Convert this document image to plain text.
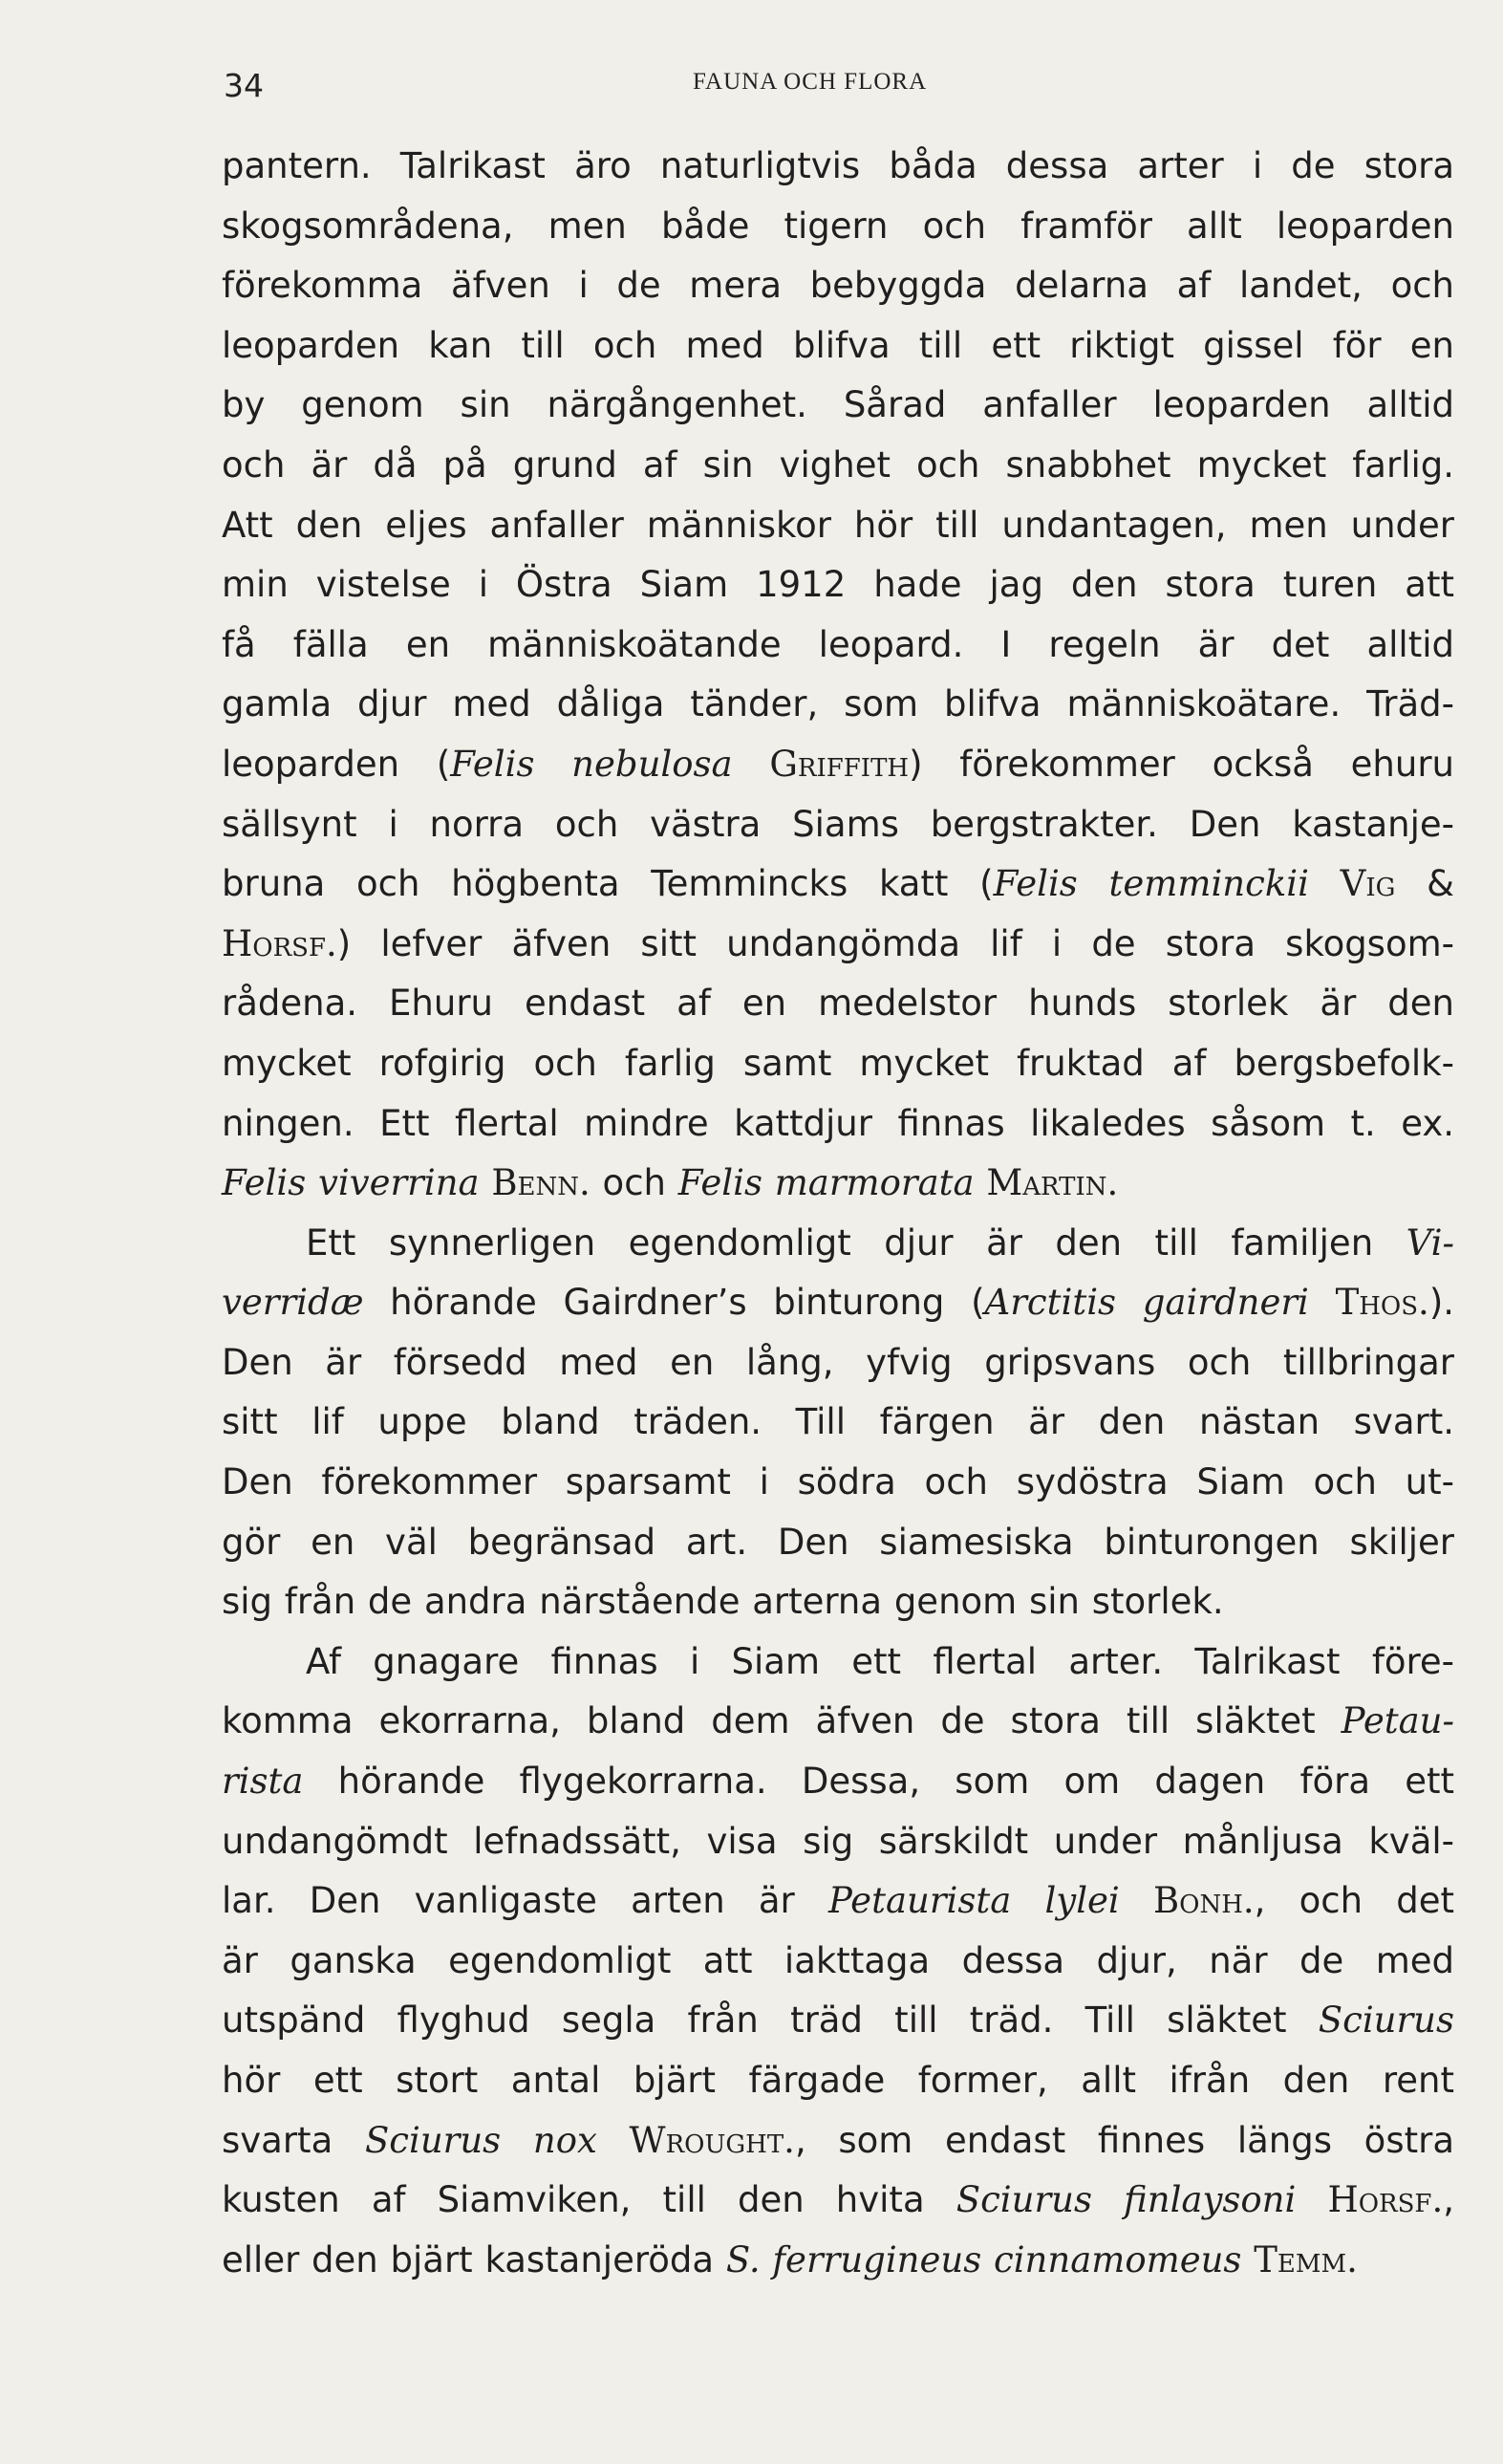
34	FAUNA OCH FLORA
pantern. Talrikast äro naturligtvis båda dessa arter i de stora
skogsområdena, men både tigern och framför allt leoparden
förekomma äfven i de mera bebyggda delarna af landet, och
leoparden kan till och med blifva till ett riktigt gissel för en
by genom sin närgångenhet. Sårad anfaller leoparden alltid
och är då på grund af sin vighet och snabbhet mycket farlig.
Att den eljes anfaller människor hör till undantagen, men under
min vistelse i Östra Siam 1912 hade jag den stora turen att
få fälla en människoätande leopard. I regeln är det alltid
gamla djur med dåliga tänder, som blifva människoätare. Träd-
leoparden (Felis nebulosa Griffith) förekommer också ehuru
sällsynt i norra och västra Siams bergstrakter. Den kastanje-
bruna och högbenta Temmincks katt (Felis temminckii Vig &
Horsf.) lefver äfven sitt undangömda lif i de stora skogsom-
rådena. Ehuru endast af en medelstor hunds storlek är den
mycket rofgirig och farlig samt mycket fruktad af bergsbefolk-
ningen. Ett flertal mindre kattdjur finnas likaledes såsom t. ex.
Felis viverrina Benn. och Felis marmorata Martin.
Ett synnerligen egendomligt djur är den till familjen Vi-
verridæ hörande Gairdner’s binturong (Arctitis gairdneri Thos.).
Den är försedd med en lång, yfvig gripsvans och tillbringar
sitt lif uppe bland träden. Till färgen är den nästan svart.
Den förekommer sparsamt i södra och sydöstra Siam och ut-
gör en väl begränsad art. Den siamesiska binturongen skiljer
sig från de andra närstående arterna genom sin storlek.
Af gnagare finnas i Siam ett flertal arter. Talrikast före-
komma ekorrarna, bland dem äfven de stora till släktet Petau-
rista hörande flygekorrarna. Dessa, som om dagen föra ett
undangömdt lefnadssätt, visa sig särskildt under månljusa kväl-
lar. Den vanligaste arten är Petaurista lylei Bonh., och det
är ganska egendomligt att iakttaga dessa djur, när de med
utspänd flyghud segla från träd till träd. Till släktet Sciurus
hör ett stort antal bjärt färgade former, allt ifrån den rent
svarta Sciurus nox Wrought., som endast finnes längs östra
kusten af Siamviken, till den hvita Sciurus finlaysoni Horsf.,
eller den bjärt kastanjeröda S. ferrugineus cinnamomeus Temm.
